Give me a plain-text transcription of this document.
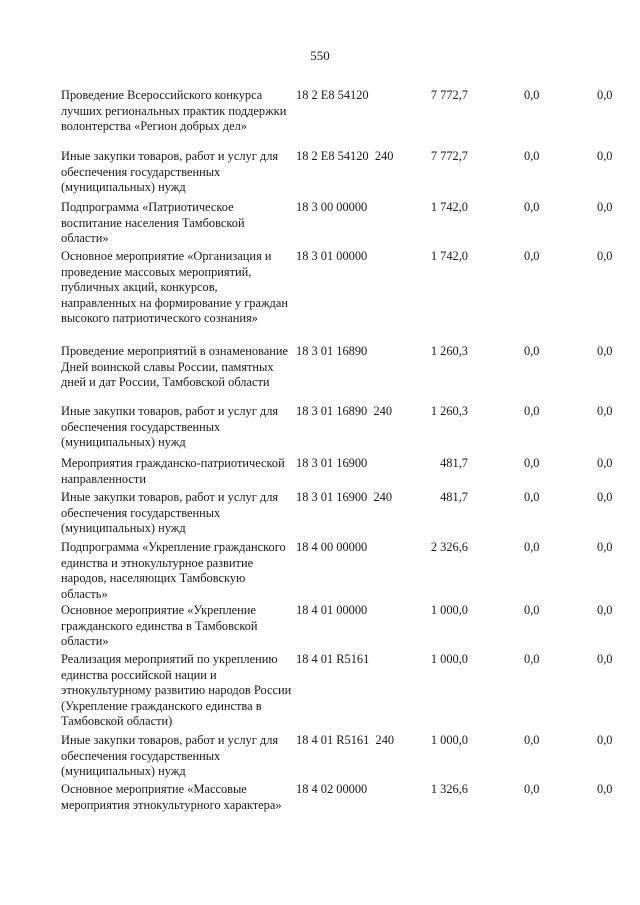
550
Проведение Всероссийского конкурса лучших региональных практик поддержки волонтерства «Регион добрых дел»
18 2 Е8 54120	7 772,7	0,0	0,0
Иные закупки товаров, работ и услуг для обеспечения государственных (муниципальных) нужд
18 2 Е8 54120  240	7 772,7	0,0	0,0
Подпрограмма «Патриотическое воспитание населения Тамбовской области»
18 3 00 00000	1 742,0	0,0	0,0
Основное мероприятие «Организация и проведение массовых мероприятий, публичных акций, конкурсов, направленных на формирование у граждан высокого патриотического сознания»
18 3 01 00000	1 742,0	0,0	0,0
Проведение мероприятий в ознаменование Дней воинской славы России, памятных дней и дат России, Тамбовской области
18 3 01 16890	1 260,3	0,0	0,0
Иные закупки товаров, работ и услуг для обеспечения государственных (муниципальных) нужд
18 3 01 16890  240	1 260,3	0,0	0,0
Мероприятия гражданско-патриотической направленности
18 3 01 16900	481,7	0,0	0,0
Иные закупки товаров, работ и услуг для обеспечения государственных (муниципальных) нужд
18 3 01 16900  240	481,7	0,0	0,0
Подпрограмма «Укрепление гражданского единства и этнокультурное развитие народов, населяющих Тамбовскую область»
18 4 00 00000	2 326,6	0,0	0,0
Основное мероприятие «Укрепление гражданского единства в Тамбовской области»
18 4 01 00000	1 000,0	0,0	0,0
Реализация мероприятий по укреплению единства российской нации и этнокультурному развитию народов России (Укрепление гражданского единства в Тамбовской области)
18 4 01 R5161	1 000,0	0,0	0,0
Иные закупки товаров, работ и услуг для обеспечения государственных (муниципальных) нужд
18 4 01 R5161  240	1 000,0	0,0	0,0
Основное мероприятие «Массовые мероприятия этнокультурного характера»
18 4 02 00000	1 326,6	0,0	0,0
